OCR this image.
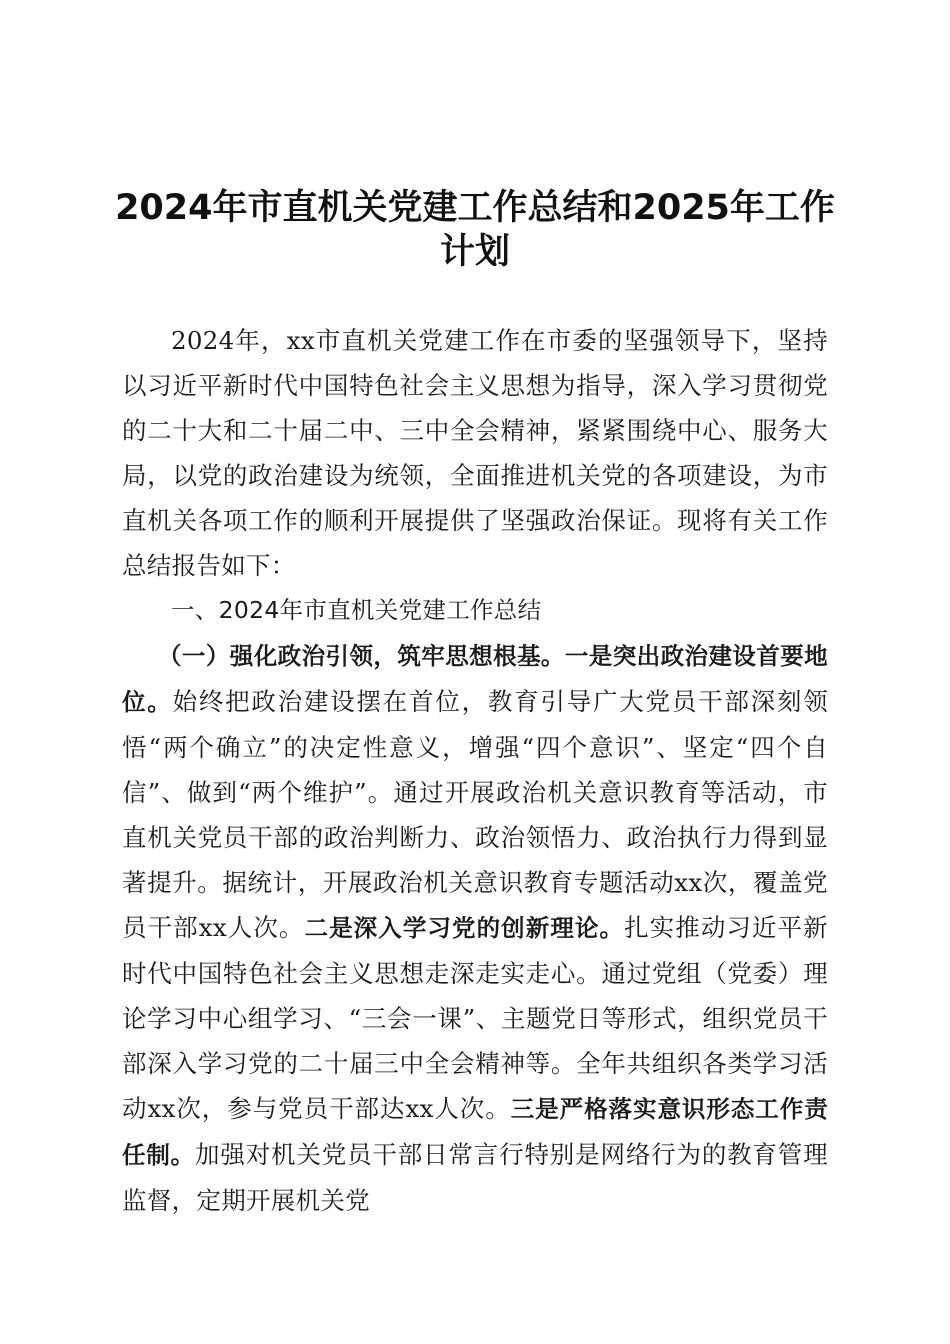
2024年市直机关党建工作总结和2025年工作
计划

2024年，xx市直机关党建工作在市委的坚强领导下，坚持以习近平新时代中国特色社会主义思想为指导，深入学习贯彻党的二十大和二十届二中、三中全会精神，紧紧围绕中心、服务大局，以党的政治建设为统领，全面推进机关党的各项建设，为市直机关各项工作的顺利开展提供了坚强政治保证。现将有关工作总结报告如下：

一、2024年市直机关党建工作总结

（一）强化政治引领，筑牢思想根基。一是突出政治建设首要地位。始终把政治建设摆在首位，教育引导广大党员干部深刻领悟“两个确立”的决定性意义，增强“四个意识”、坚定“四个自信”、做到“两个维护”。通过开展政治机关意识教育等活动，市直机关党员干部的政治判断力、政治领悟力、政治执行力得到显著提升。据统计，开展政治机关意识教育专题活动xx次，覆盖党员干部xx人次。二是深入学习党的创新理论。扎实推动习近平新时代中国特色社会主义思想走深走实走心。通过党组（党委）理论学习中心组学习、“三会一课”、主题党日等形式，组织党员干部深入学习党的二十届三中全会精神等。全年共组织各类学习活动xx次，参与党员干部达xx人次。三是严格落实意识形态工作责任制。加强对机关党员干部日常言行特别是网络行为的教育管理监督，定期开展机关党
